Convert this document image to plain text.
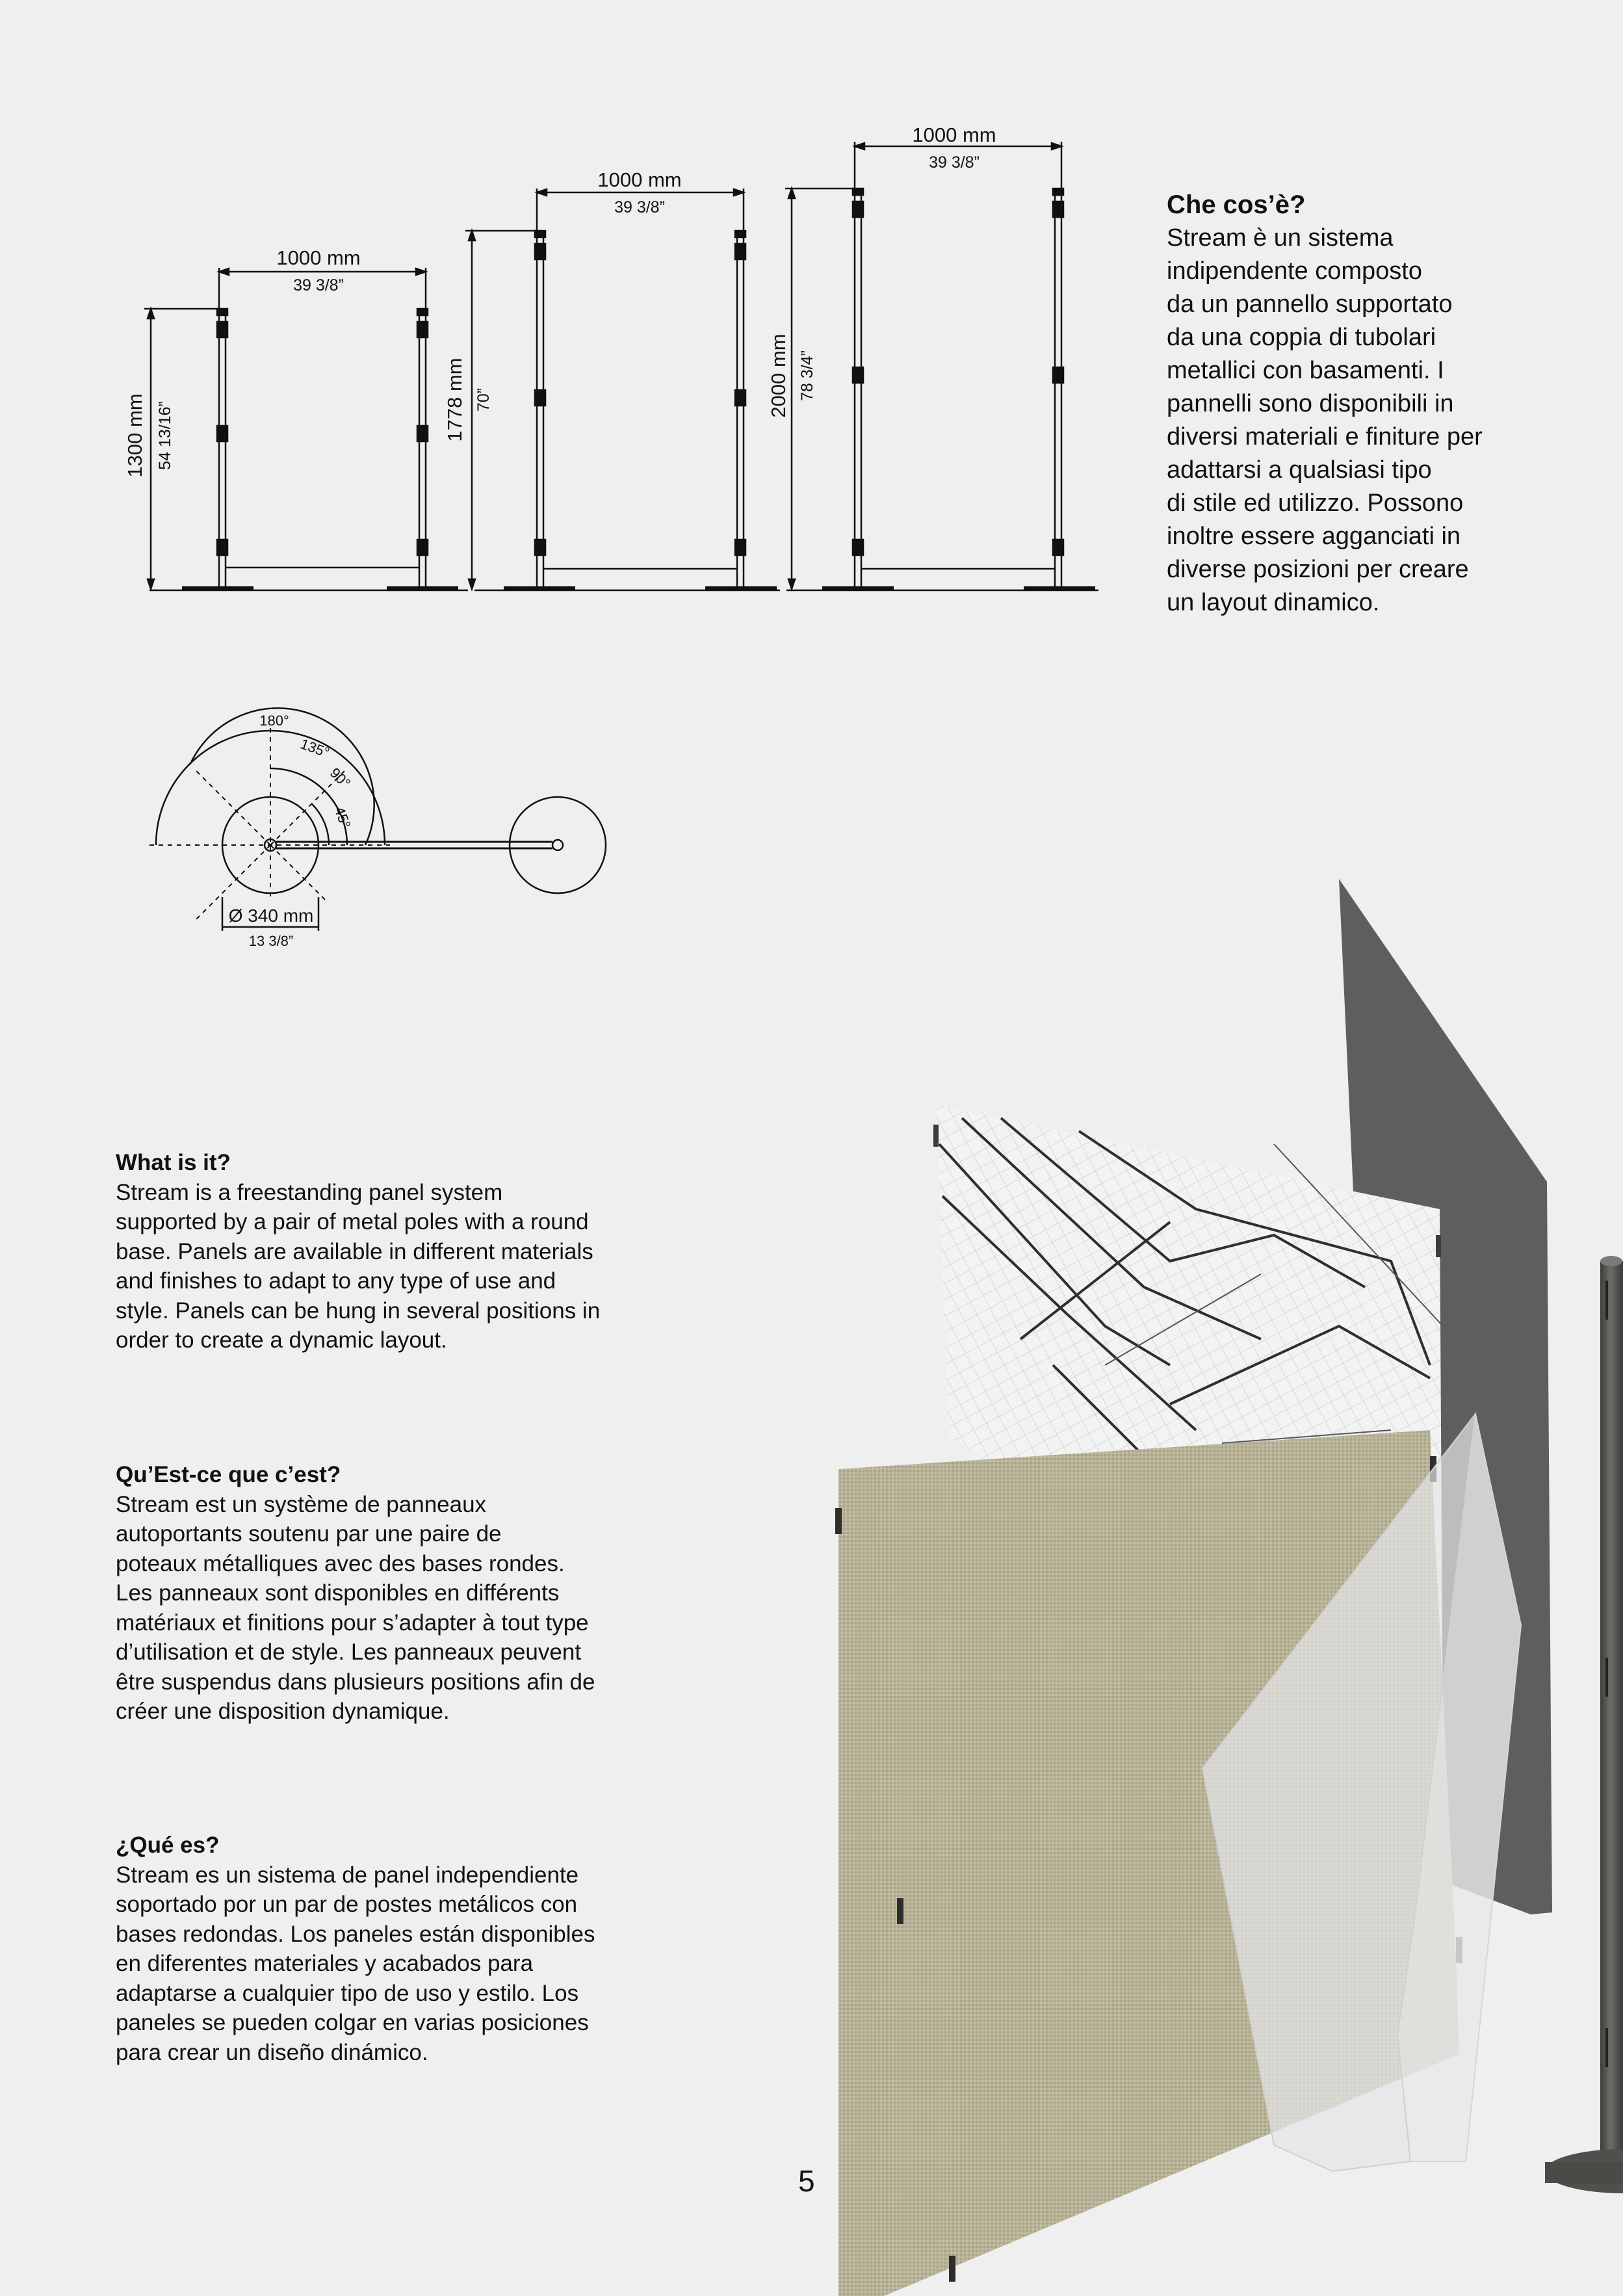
1000 mm
39 3/8”
1300 mm 54 13/16”
1000 mm
39 3/8”
1778 mm 70”
1000 mm
39 3/8”
2000 mm 78 3/4”
180°
135°
90°
45°
Ø 340 mm
13 3/8”
Che cos’è?
Stream è un sistema
indipendente composto
da un pannello supportato
da una coppia di tubolari
metallici con basamenti. I
pannelli sono disponibili in
diversi materiali e finiture per
adattarsi a qualsiasi tipo
di stile ed utilizzo. Possono
inoltre essere agganciati in
diverse posizioni per creare
un layout dinamico.
What is it?
Stream is a freestanding panel system
supported by a pair of metal poles with a round
base. Panels are available in different materials
and finishes to adapt to any type of use and
style. Panels can be hung in several positions in
order to create a dynamic layout.
Qu’Est-ce que c’est?
Stream est un système de panneaux
autoportants soutenu par une paire de
poteaux métalliques avec des bases rondes.
Les panneaux sont disponibles en différents
matériaux et finitions pour s’adapter à tout type
d’utilisation et de style. Les panneaux peuvent
être suspendus dans plusieurs positions afin de
créer une disposition dynamique.
¿Qué es?
Stream es un sistema de panel independiente
soportado por un par de postes metálicos con
bases redondas. Los paneles están disponibles
en diferentes materiales y acabados para
adaptarse a cualquier tipo de uso y estilo. Los
paneles se pueden colgar en varias posiciones
para crear un diseño dinámico.
5
